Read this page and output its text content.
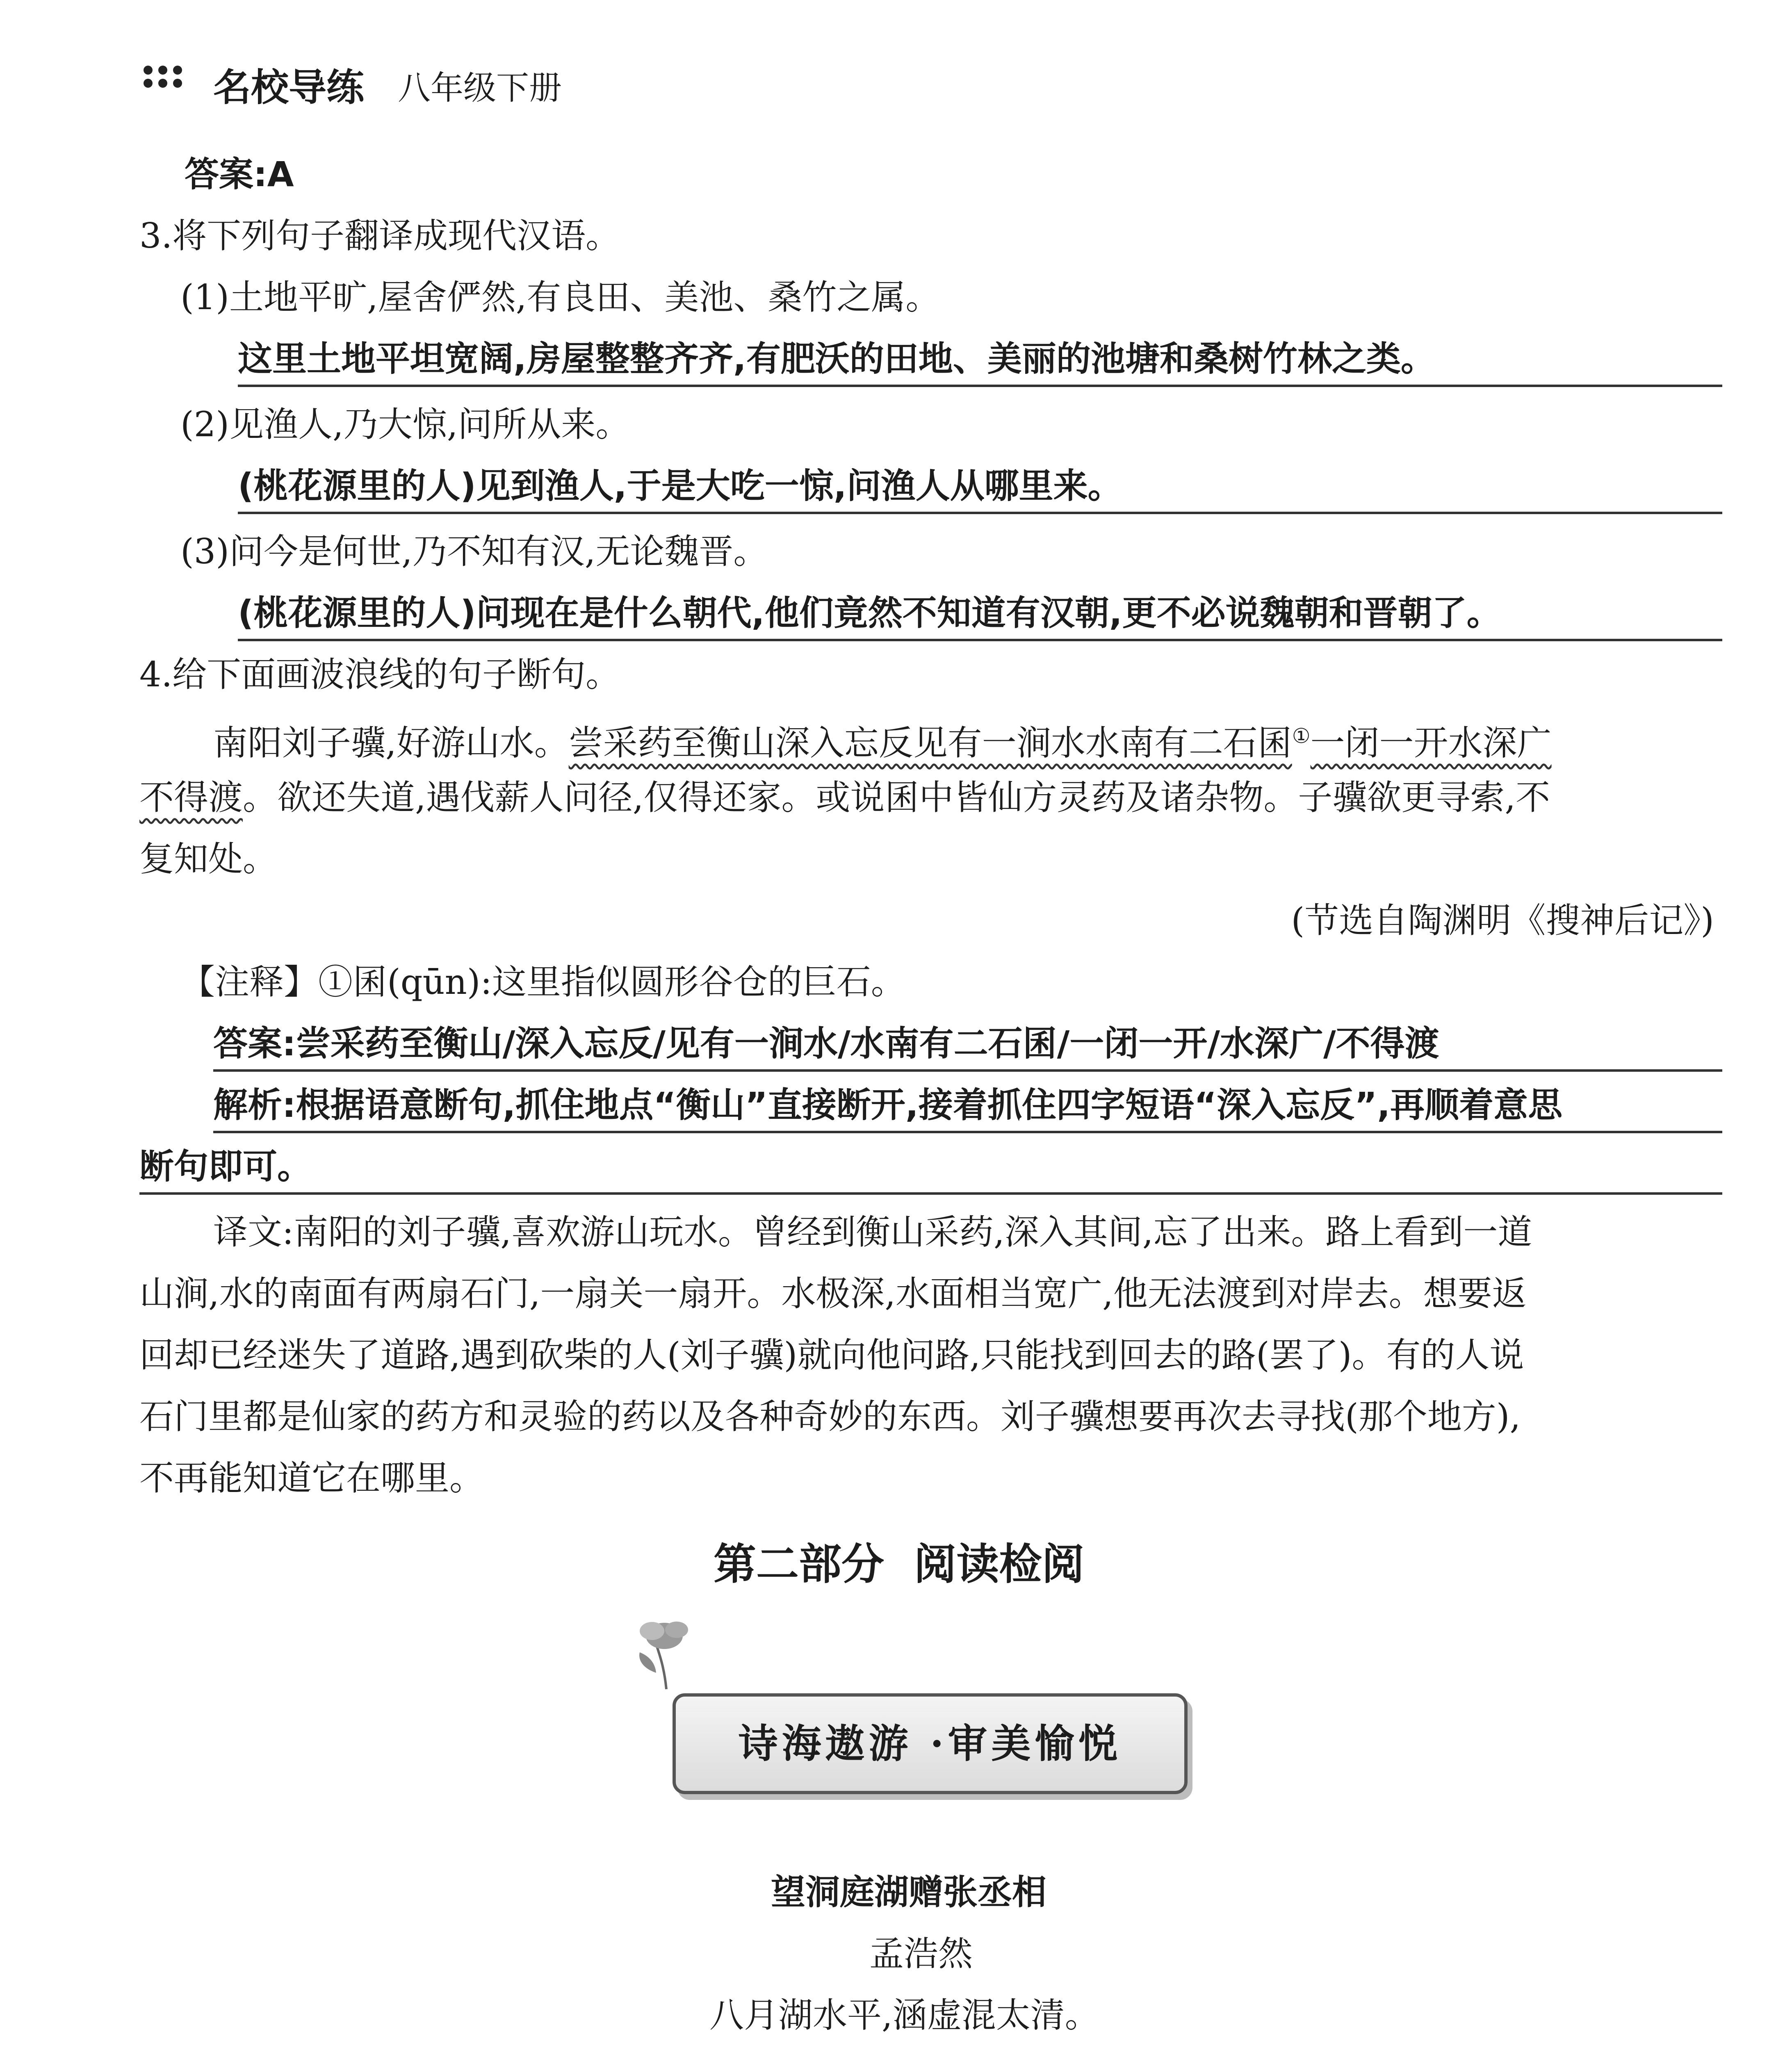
名校导练 八年级下册
答案:A
3.将下列句子翻译成现代汉语。
(1)土地平旷,屋舍俨然,有良田、美池、桑竹之属。
这里土地平坦宽阔,房屋整整齐齐,有肥沃的田地、美丽的池塘和桑树竹林之类。
(2)见渔人,乃大惊,问所从来。
(桃花源里的人)见到渔人,于是大吃一惊,问渔人从哪里来。
(3)问今是何世,乃不知有汉,无论魏晋。
(桃花源里的人)问现在是什么朝代,他们竟然不知道有汉朝,更不必说魏朝和晋朝了。
4.给下面画波浪线的句子断句。
南阳刘子骥,好游山水。尝采药至衡山深入忘反见有一涧水水南有二石囷①一闭一开水深广
不得渡。欲还失道,遇伐薪人问径,仅得还家。或说囷中皆仙方灵药及诸杂物。子骥欲更寻索,不
复知处。
(节选自陶渊明《搜神后记》)
【注释】①囷(qūn):这里指似圆形谷仓的巨石。
答案:尝采药至衡山/深入忘反/见有一涧水/水南有二石囷/一闭一开/水深广/不得渡
解析:根据语意断句,抓住地点“衡山”直接断开,接着抓住四字短语“深入忘反”,再顺着意思
断句即可。
译文:南阳的刘子骥,喜欢游山玩水。曾经到衡山采药,深入其间,忘了出来。路上看到一道
山涧,水的南面有两扇石门,一扇关一扇开。水极深,水面相当宽广,他无法渡到对岸去。想要返
回却已经迷失了道路,遇到砍柴的人(刘子骥)就向他问路,只能找到回去的路(罢了)。有的人说
石门里都是仙家的药方和灵验的药以及各种奇妙的东西。刘子骥想要再次去寻找(那个地方),
不再能知道它在哪里。
第二部分  阅读检阅
诗海遨游 ·审美愉悦
望洞庭湖赠张丞相
孟浩然
八月湖水平,涵虚混太清。
